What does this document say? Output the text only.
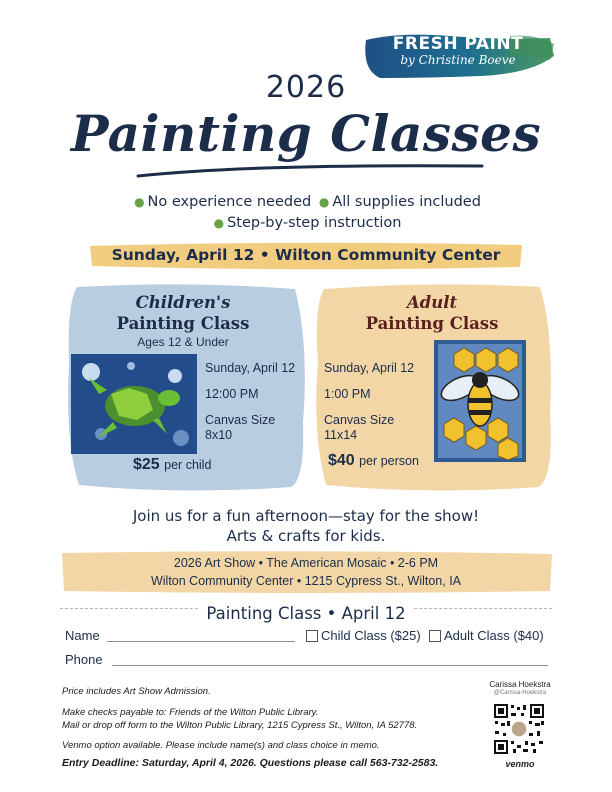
FRESH PAINT
by Christine Boeve
2026
Painting Classes
● No experience needed ● All supplies included
● Step-by-step instruction
Sunday, April 12 • Wilton Community Center
Children's
Painting Class
Ages 12 & Under
Sunday, April 12
12:00 PM
Canvas Size
8x10
$25 per child
Adult
Painting Class
Sunday, April 12
1:00 PM
Canvas Size
11x14
$40 per person
Join us for a fun afternoon—stay for the show!
Arts & crafts for kids.
2026 Art Show • The American Mosaic • 2-6 PM
Wilton Community Center • 1215 Cypress St., Wilton, IA
Painting Class • April 12
Name	Child Class ($25) Adult Class ($40)
Phone
Price includes Art Show Admission.
Make checks payable to: Friends of the Wilton Public Library.
Mail or drop off form to the Wilton Public Library, 1215 Cypress St., Wilton, IA 52778.
Venmo option available. Please include name(s) and class choice in memo.
Entry Deadline: Saturday, April 4, 2026. Questions please call 563-732-2583.
Carissa Hoekstra
@Carissa-Hoekstra
venmo
